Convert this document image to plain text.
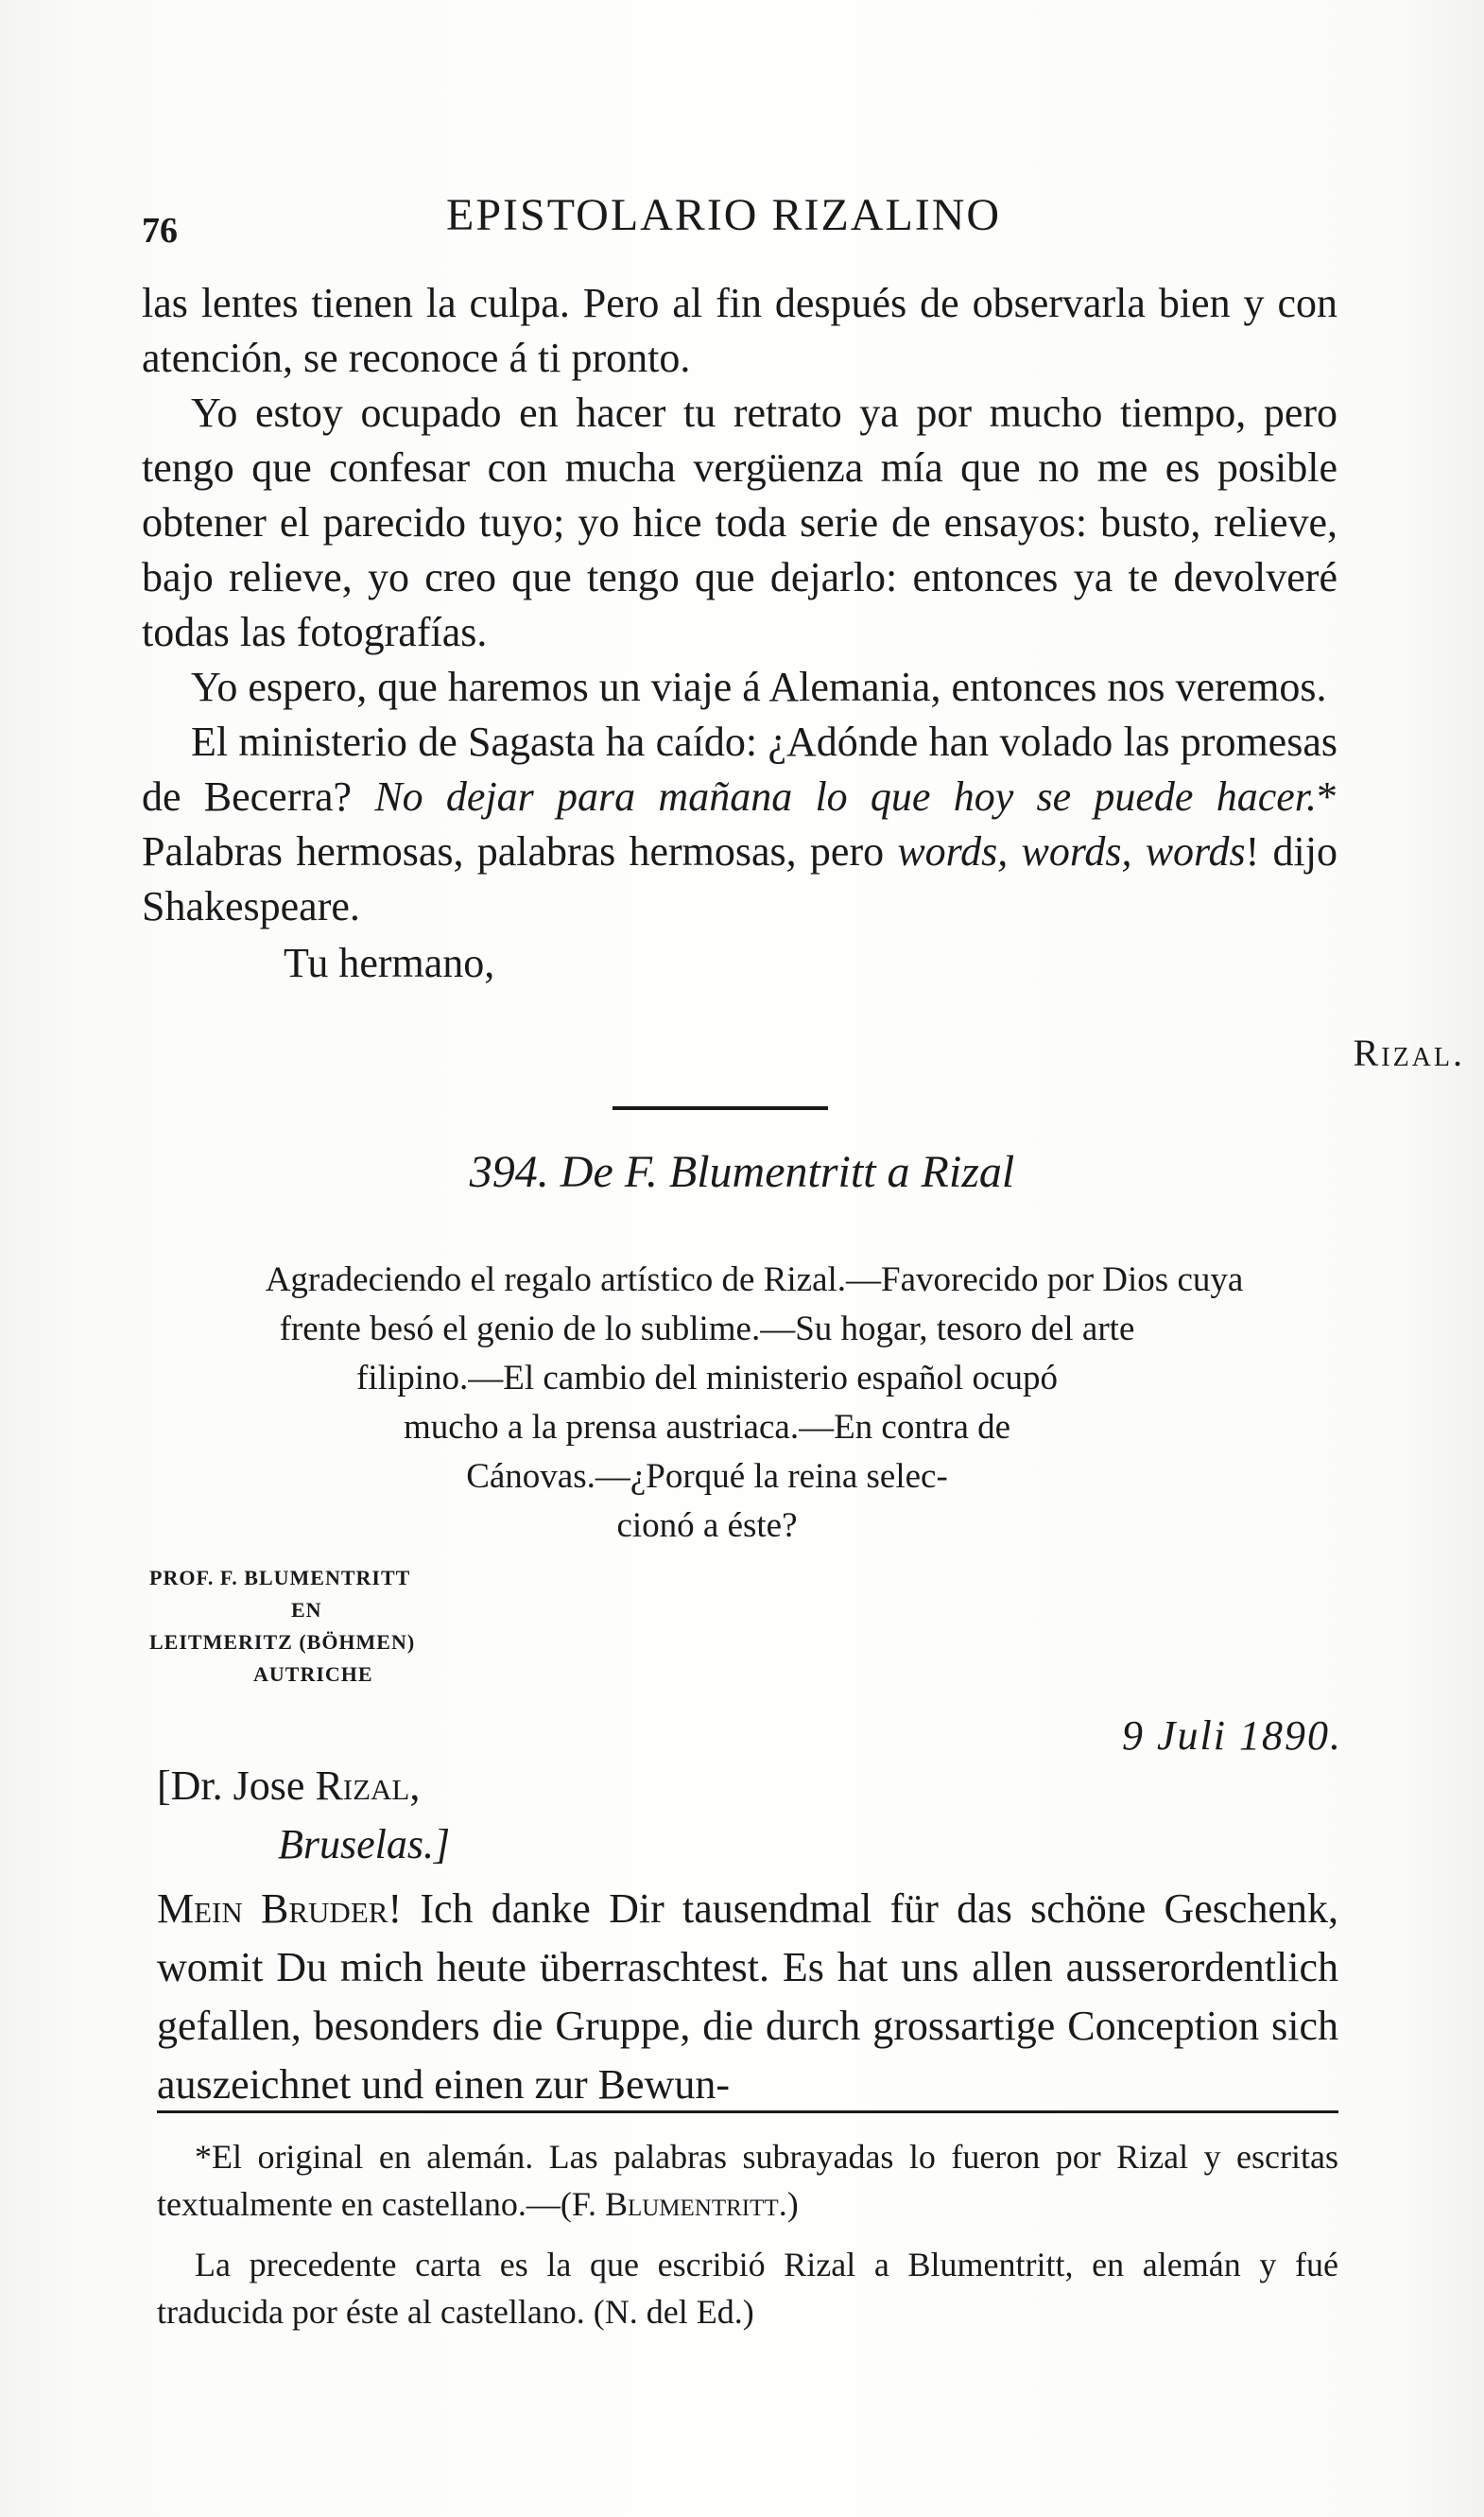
76	EPISTOLARIO RIZALINO

las lentes tienen la culpa. Pero al fin después de observarla bien y con atención, se reconoce á ti pronto.

Yo estoy ocupado en hacer tu retrato ya por mucho tiempo, pero tengo que confesar con mucha vergüenza mía que no me es posible obtener el parecido tuyo; yo hice toda serie de ensayos: busto, relieve, bajo relieve, yo creo que tengo que dejarlo: entonces ya te devolveré todas las fotografías.

Yo espero, que haremos un viaje á Alemania, entonces nos veremos.

El ministerio de Sagasta ha caído: ¿Adónde han volado las promesas de Becerra? No dejar para mañana lo que hoy se puede hacer.* Palabras hermosas, palabras hermosas, pero words, words, words! dijo Shakespeare.

Tu hermano,
Rizal.
394. De F. Blumentritt a Rizal
Agradeciendo el regalo artístico de Rizal.—Favorecido por Dios cuya
frente besó el genio de lo sublime.—Su hogar, tesoro del arte
filipino.—El cambio del ministerio español ocupó
mucho a la prensa austriaca.—En contra de
Cánovas.—¿Porqué la reina selec-
cionó a éste?
PROF. F. BLUMENTRITT
EN
LEITMERITZ (BÖHMEN)
AUTRICHE
9 Juli 1890.
[Dr. Jose Rizal,
Bruselas.]

Mein Bruder! Ich danke Dir tausendmal für das schöne Geschenk, womit Du mich heute überraschtest. Es hat uns allen ausserordentlich gefallen, besonders die Gruppe, die durch grossartige Conception sich auszeichnet und einen zur Bewun-

*El original en alemán. Las palabras subrayadas lo fueron por Rizal y escritas textualmente en castellano.—(F. Blumentritt.)

La precedente carta es la que escribió Rizal a Blumentritt, en alemán y fué traducida por éste al castellano. (N. del Ed.)
